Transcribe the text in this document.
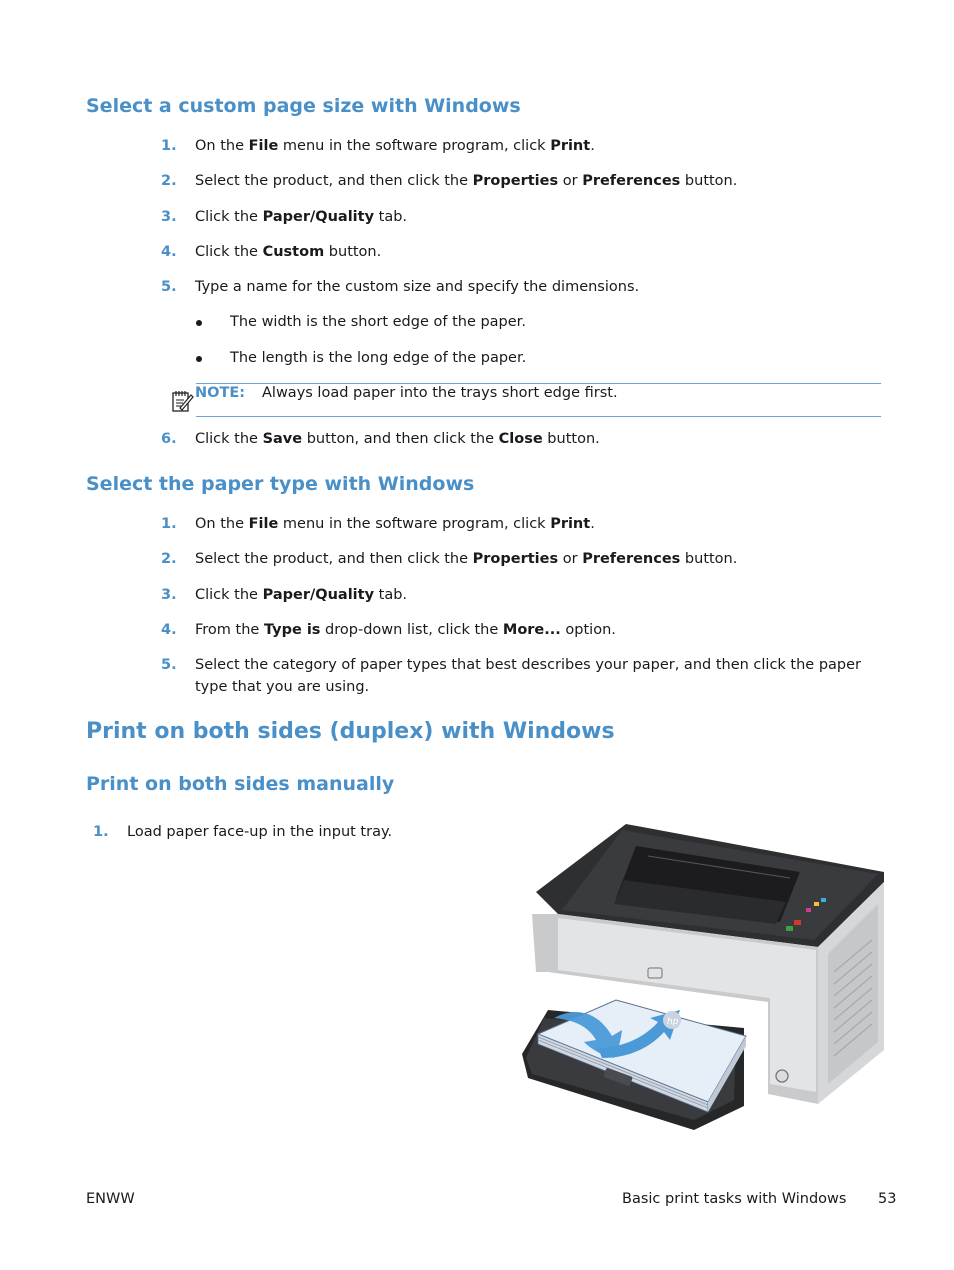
Select a custom page size with Windows
1.	On the File menu in the software program, click Print.
2.	Select the product, and then click the Properties or Preferences button.
3.	Click the Paper/Quality tab.
4.	Click the Custom button.
5.	Type a name for the custom size and specify the dimensions.
The width is the short edge of the paper.
The length is the long edge of the paper.
NOTE: Always load paper into the trays short edge first.
6.	Click the Save button, and then click the Close button.
Select the paper type with Windows
1.	On the File menu in the software program, click Print.
2.	Select the product, and then click the Properties or Preferences button.
3.	Click the Paper/Quality tab.
4.	From the Type is drop-down list, click the More... option.
5.	Select the category of paper types that best describes your paper, and then click the paper type that you are using.
Print on both sides (duplex) with Windows
Print on both sides manually
1.	Load paper face-up in the input tray.
hp
ENWW	Basic print tasks with Windows 53
